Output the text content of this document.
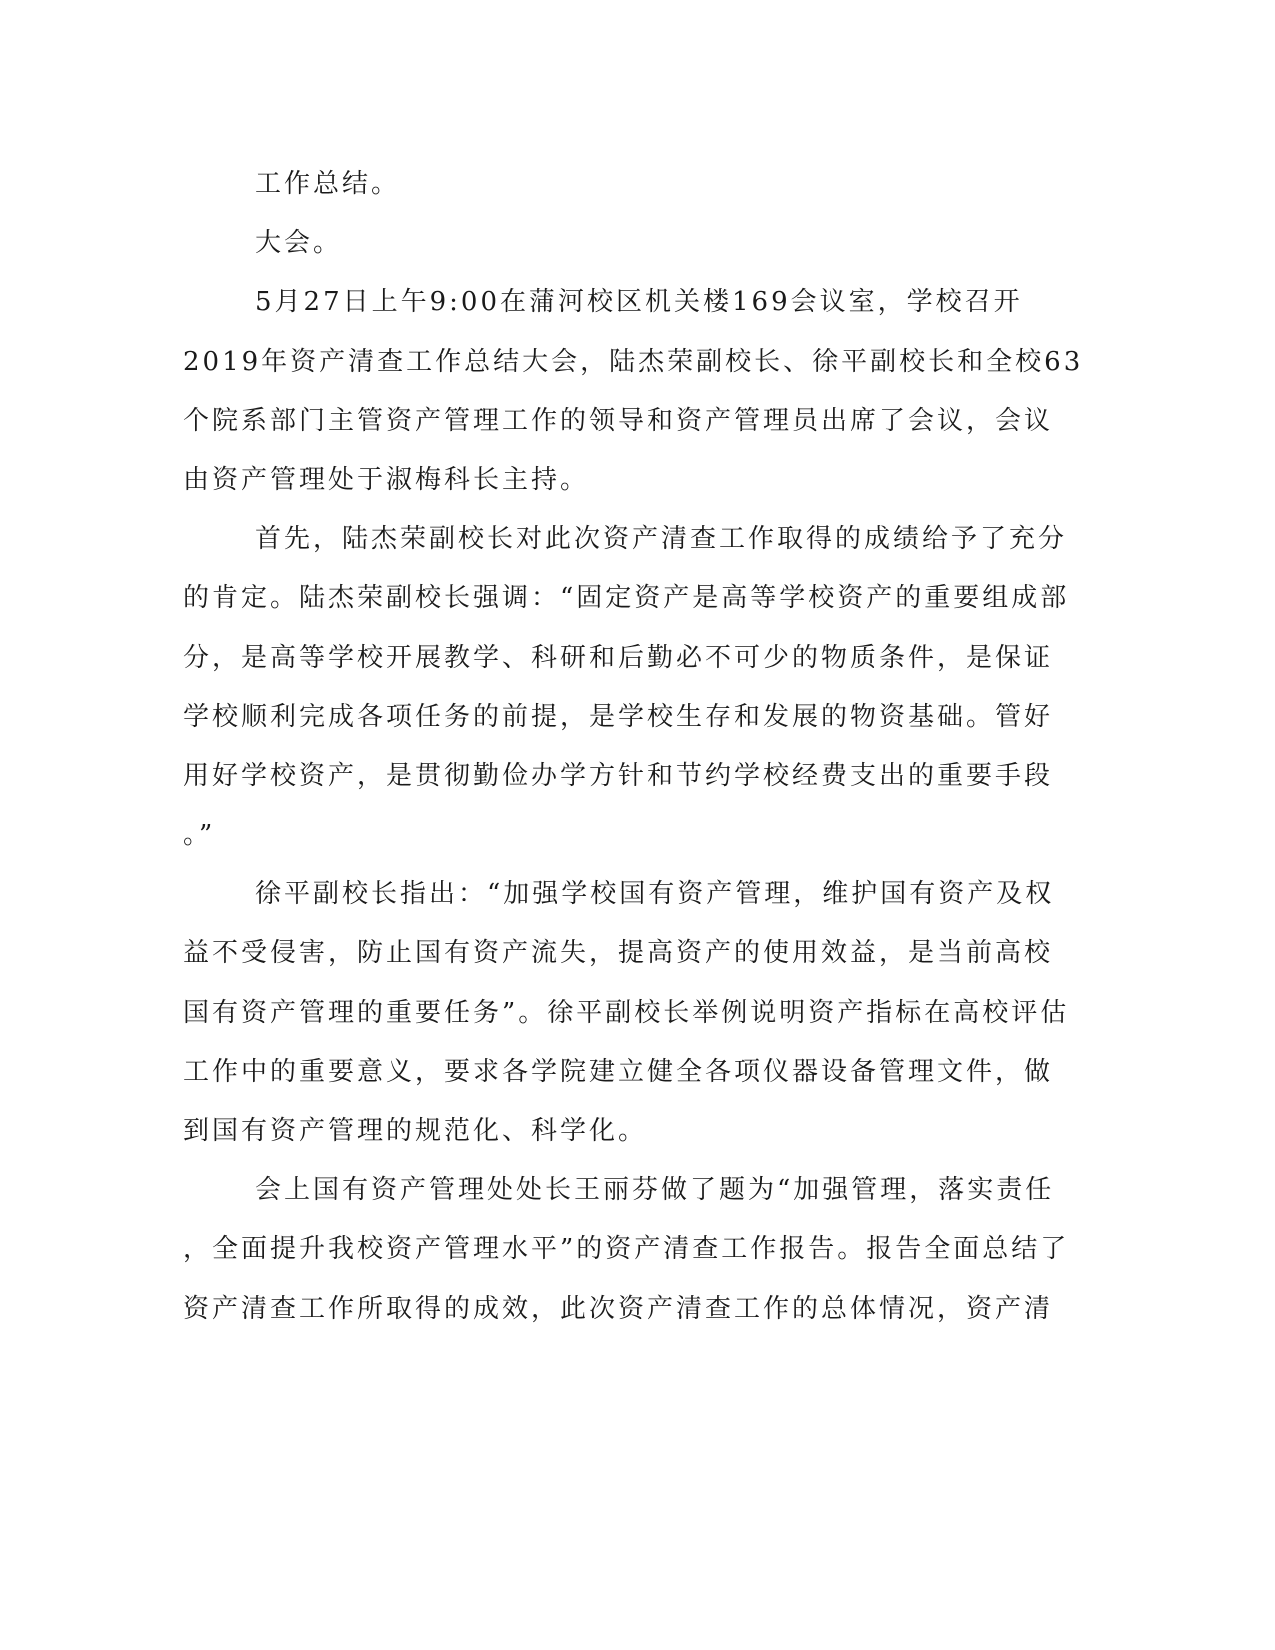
工作总结。
大会。
5月27日上午9:00在蒲河校区机关楼169会议室，学校召开
2019年资产清查工作总结大会，陆杰荣副校长、徐平副校长和全校63
个院系部门主管资产管理工作的领导和资产管理员出席了会议，会议
由资产管理处于淑梅科长主持。
首先，陆杰荣副校长对此次资产清查工作取得的成绩给予了充分
的肯定。陆杰荣副校长强调：“固定资产是高等学校资产的重要组成部
分，是高等学校开展教学、科研和后勤必不可少的物质条件，是保证
学校顺利完成各项任务的前提，是学校生存和发展的物资基础。管好
用好学校资产，是贯彻勤俭办学方针和节约学校经费支出的重要手段
。”
徐平副校长指出：“加强学校国有资产管理，维护国有资产及权
益不受侵害，防止国有资产流失，提高资产的使用效益，是当前高校
国有资产管理的重要任务”。徐平副校长举例说明资产指标在高校评估
工作中的重要意义，要求各学院建立健全各项仪器设备管理文件，做
到国有资产管理的规范化、科学化。
会上国有资产管理处处长王丽芬做了题为“加强管理，落实责任
，全面提升我校资产管理水平”的资产清查工作报告。报告全面总结了
资产清查工作所取得的成效，此次资产清查工作的总体情况，资产清
